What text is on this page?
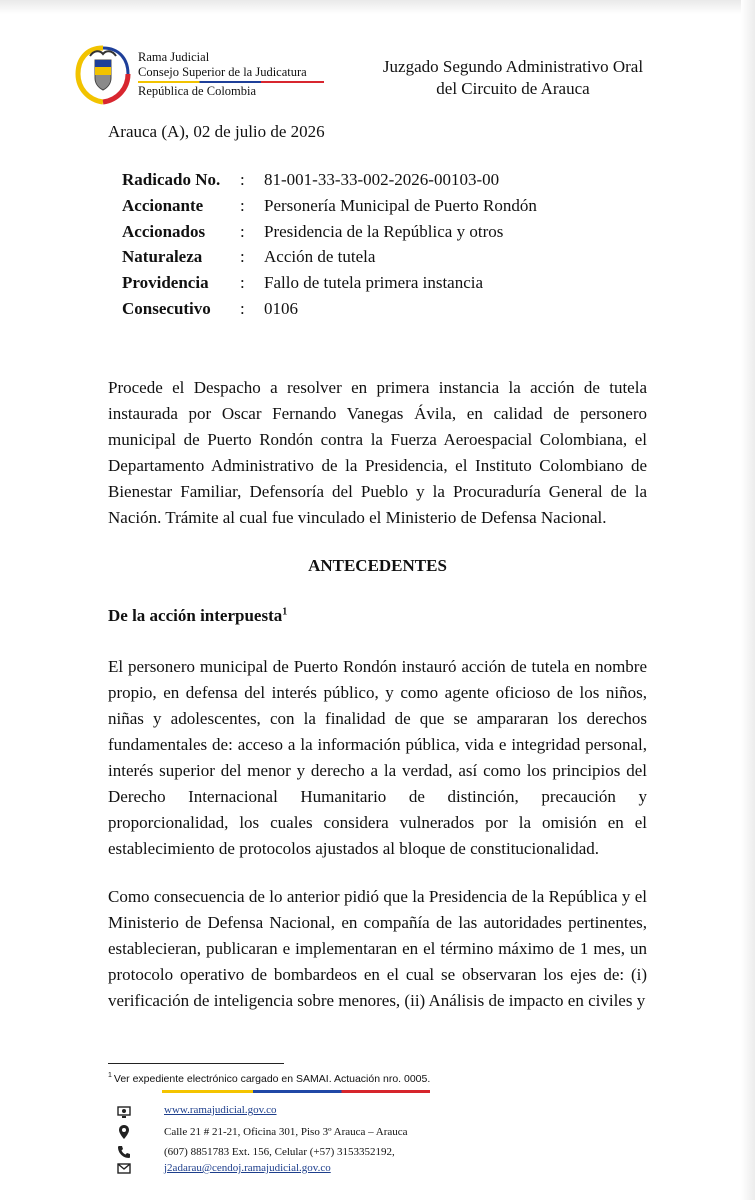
Rama Judicial
Consejo Superior de la Judicatura
República de Colombia
Juzgado Segundo Administrativo Oral
del Circuito de Arauca
Arauca (A), 02 de julio de 2026
Radicado No. : 81-001-33-33-002-2026-00103-00
Accionante : Personería Municipal de Puerto Rondón
Accionados : Presidencia de la República y otros
Naturaleza : Acción de tutela
Providencia : Fallo de tutela primera instancia
Consecutivo : 0106

Procede el Despacho a resolver en primera instancia la acción de tutela instaurada por Oscar Fernando Vanegas Ávila, en calidad de personero municipal de Puerto Rondón contra la Fuerza Aeroespacial Colombiana, el Departamento Administrativo de la Presidencia, el Instituto Colombiano de Bienestar Familiar, Defensoría del Pueblo y la Procuraduría General de la Nación. Trámite al cual fue vinculado el Ministerio de Defensa Nacional.

ANTECEDENTES
De la acción interpuesta$^1$

El personero municipal de Puerto Rondón instauró acción de tutela en nombre propio, en defensa del interés público, y como agente oficioso de los niños, niñas y adolescentes, con la finalidad de que se ampararan los derechos fundamentales de: acceso a la información pública, vida e integridad personal, interés superior del menor y derecho a la verdad, así como los principios del Derecho Internacional Humanitario de distinción, precaución y proporcionalidad, los cuales considera vulnerados por la omisión en el establecimiento de protocolos ajustados al bloque de constitucionalidad.

Como consecuencia de lo anterior pidió que la Presidencia de la República y el Ministerio de Defensa Nacional, en compañía de las autoridades pertinentes, establecieran, publicaran e implementaran en el término máximo de 1 mes, un protocolo operativo de bombardeos en el cual se observaran los ejes de: (i) verificación de inteligencia sobre menores, (ii) Análisis de impacto en civiles y

$^1$ Ver expediente electrónico cargado en SAMAI. Actuación nro. 0005.
www.ramajudicial.gov.co
Calle 21 # 21-21, Oficina 301, Piso 3º Arauca – Arauca
(607) 8851783 Ext. 156, Celular (+57) 3153352192,
j2adarau@cendoj.ramajudicial.gov.co
